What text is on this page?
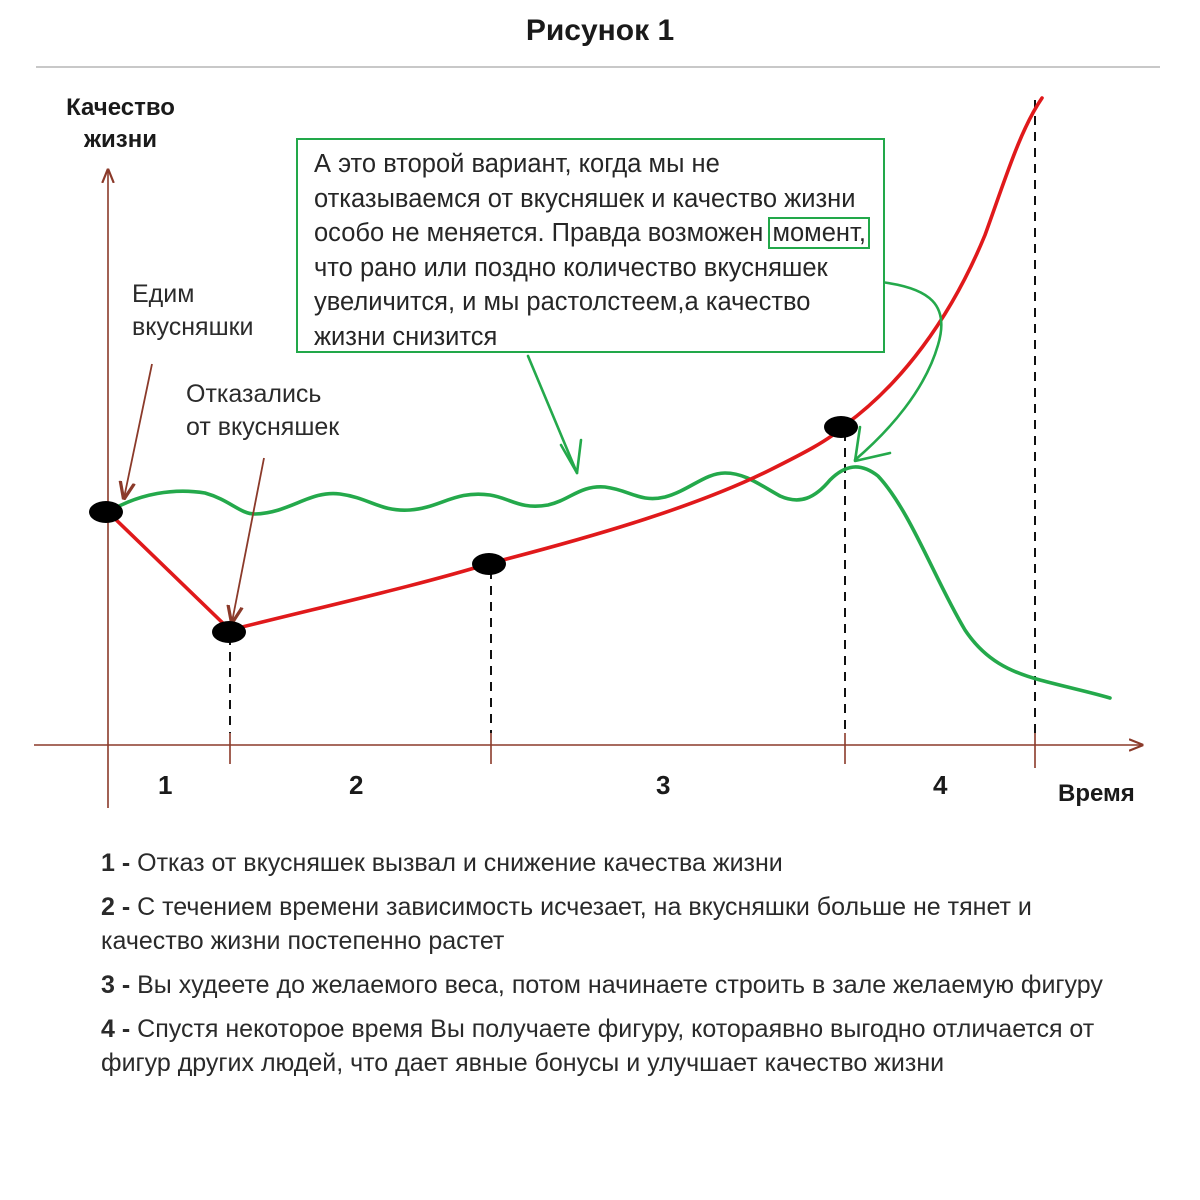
Рисунок 1
Качество
жизни
Время
Едим
вкусняшки
Отказались
от вкусняшек
А это второй вариант, когда мы не отказываемся от вкусняшек и качество жизни особо не меняется. Правда возможен момент, что рано или поздно количество вкусняшек увеличится, и мы растолстеем,а качество жизни снизится
1	2	3	4
1 - Отказ от вкусняшек вызвал и снижение качества жизни
2 - С течением времени зависимость исчезает, на вкусняшки больше не тянет и качество жизни постепенно растет
3 - Вы худеете до желаемого веса, потом начинаете строить в зале желаемую фигуру
4 - Спустя некоторое время Вы получаете фигуру, котораявно выгодно отличается от фигур других людей, что дает явные бонусы и улучшает качество жизни
